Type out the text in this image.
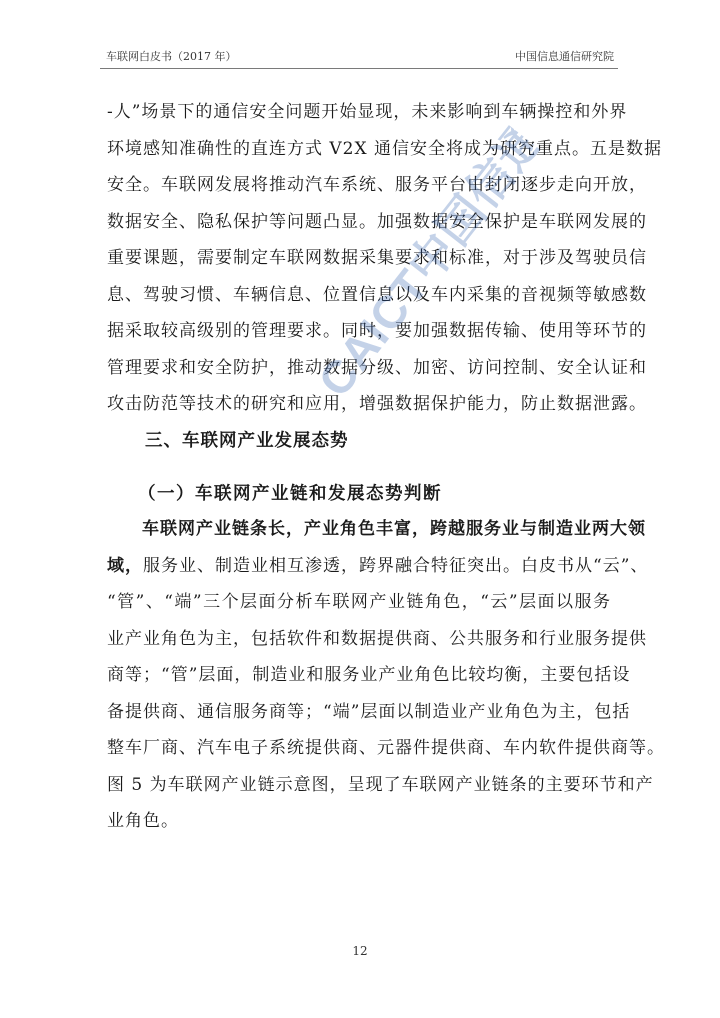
车联网白皮书（2017 年）	中国信息通信研究院
-人”场景下的通信安全问题开始显现，未来影响到车辆操控和外界
环境感知准确性的直连方式 V2X 通信安全将成为研究重点。五是数据
安全。车联网发展将推动汽车系统、服务平台由封闭逐步走向开放，
数据安全、隐私保护等问题凸显。加强数据安全保护是车联网发展的
重要课题，需要制定车联网数据采集要求和标准，对于涉及驾驶员信
息、驾驶习惯、车辆信息、位置信息以及车内采集的音视频等敏感数
据采取较高级别的管理要求。同时，要加强数据传输、使用等环节的
管理要求和安全防护，推动数据分级、加密、访问控制、安全认证和
攻击防范等技术的研究和应用，增强数据保护能力，防止数据泄露。
三、车联网产业发展态势
（一）车联网产业链和发展态势判断
车联网产业链条长，产业角色丰富，跨越服务业与制造业两大领
域，服务业、制造业相互渗透，跨界融合特征突出。白皮书从“云”、
“管”、“端”三个层面分析车联网产业链角色，“云”层面以服务
业产业角色为主，包括软件和数据提供商、公共服务和行业服务提供
商等；“管”层面，制造业和服务业产业角色比较均衡，主要包括设
备提供商、通信服务商等；“端”层面以制造业产业角色为主，包括
整车厂商、汽车电子系统提供商、元器件提供商、车内软件提供商等。
图 5 为车联网产业链示意图，呈现了车联网产业链条的主要环节和产
业角色。
12
CAICT中国信通院
